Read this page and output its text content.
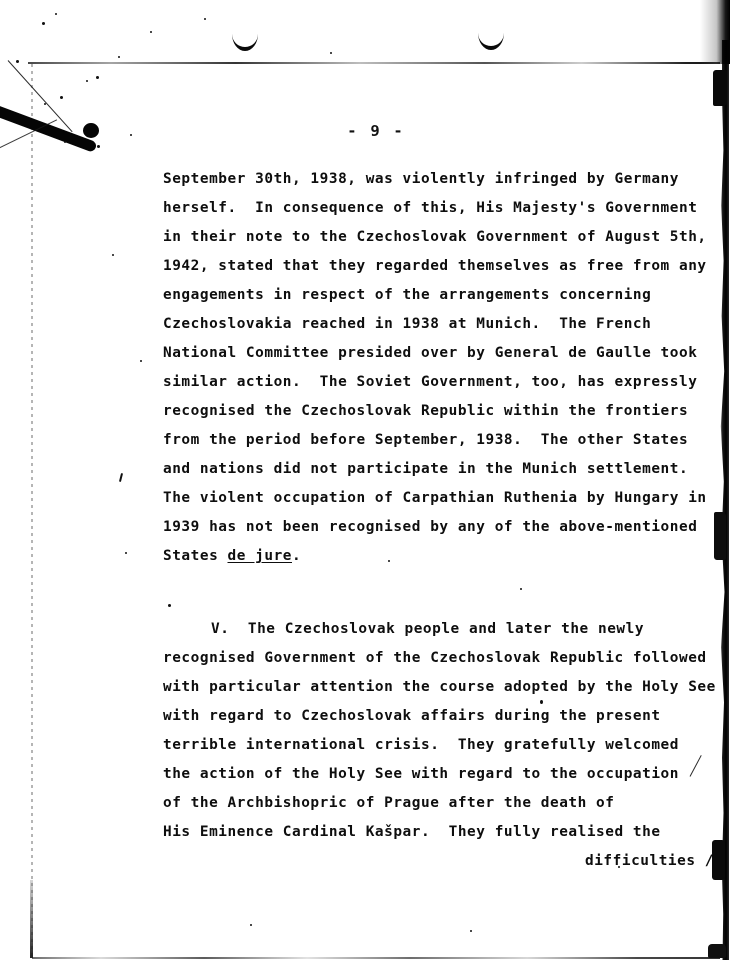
- 9 -
September 30th, 1938, was violently infringed by Germany
herself.  In consequence of this, His Majesty's Government
in their note to the Czechoslovak Government of August 5th,
1942, stated that they regarded themselves as free from any
engagements in respect of the arrangements concerning
Czechoslovakia reached in 1938 at Munich.  The French
National Committee presided over by General de Gaulle took
similar action.  The Soviet Government, too, has expressly
recognised the Czechoslovak Republic within the frontiers
from the period before September, 1938.  The other States
and nations did not participate in the Munich settlement.
The violent occupation of Carpathian Ruthenia by Hungary in
1939 has not been recognised by any of the above-mentioned
States de jure.
V.  The Czechoslovak people and later the newly
recognised Government of the Czechoslovak Republic followed
with particular attention the course adopted by the Holy See
with regard to Czechoslovak affairs during the present
terrible international crisis.  They gratefully welcomed
the action of the Holy See with regard to the occupation
of the Archbishopric of Prague after the death of
His Eminence Cardinal Kašpar.  They fully realised the
difficulties /
